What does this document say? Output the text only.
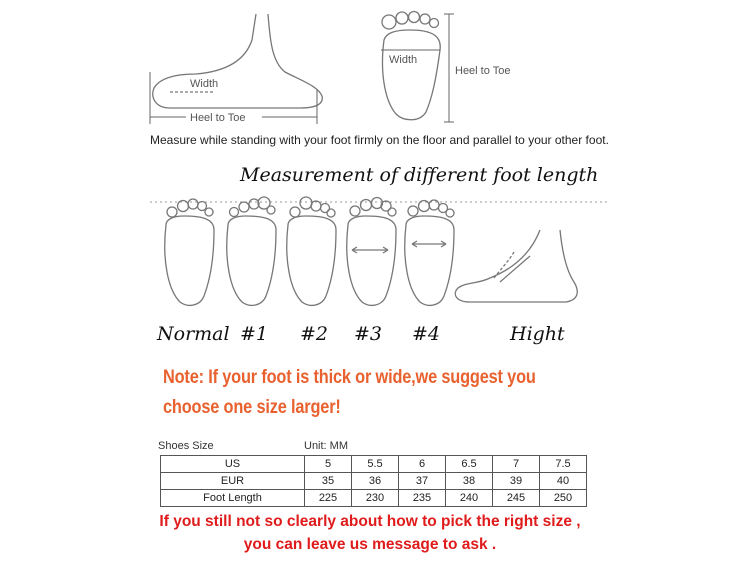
Width
Heel to Toe
Width
Heel to Toe
Measure while standing with your foot firmly on the floor and parallel to your other foot.
Measurement of different foot length
Normal #1 #2 #3 #4	Hight
Note: If your foot is thick or wide,we suggest you
choose one size larger!
Shoes Size	Unit: MM
US	5	5.5	6	6.5	7	7.5
EUR	35	36	37	38	39	40
Foot Length	225	230	235	240	245	250
If you still not so clearly about how to pick the right size ,
you can leave us message to ask .
